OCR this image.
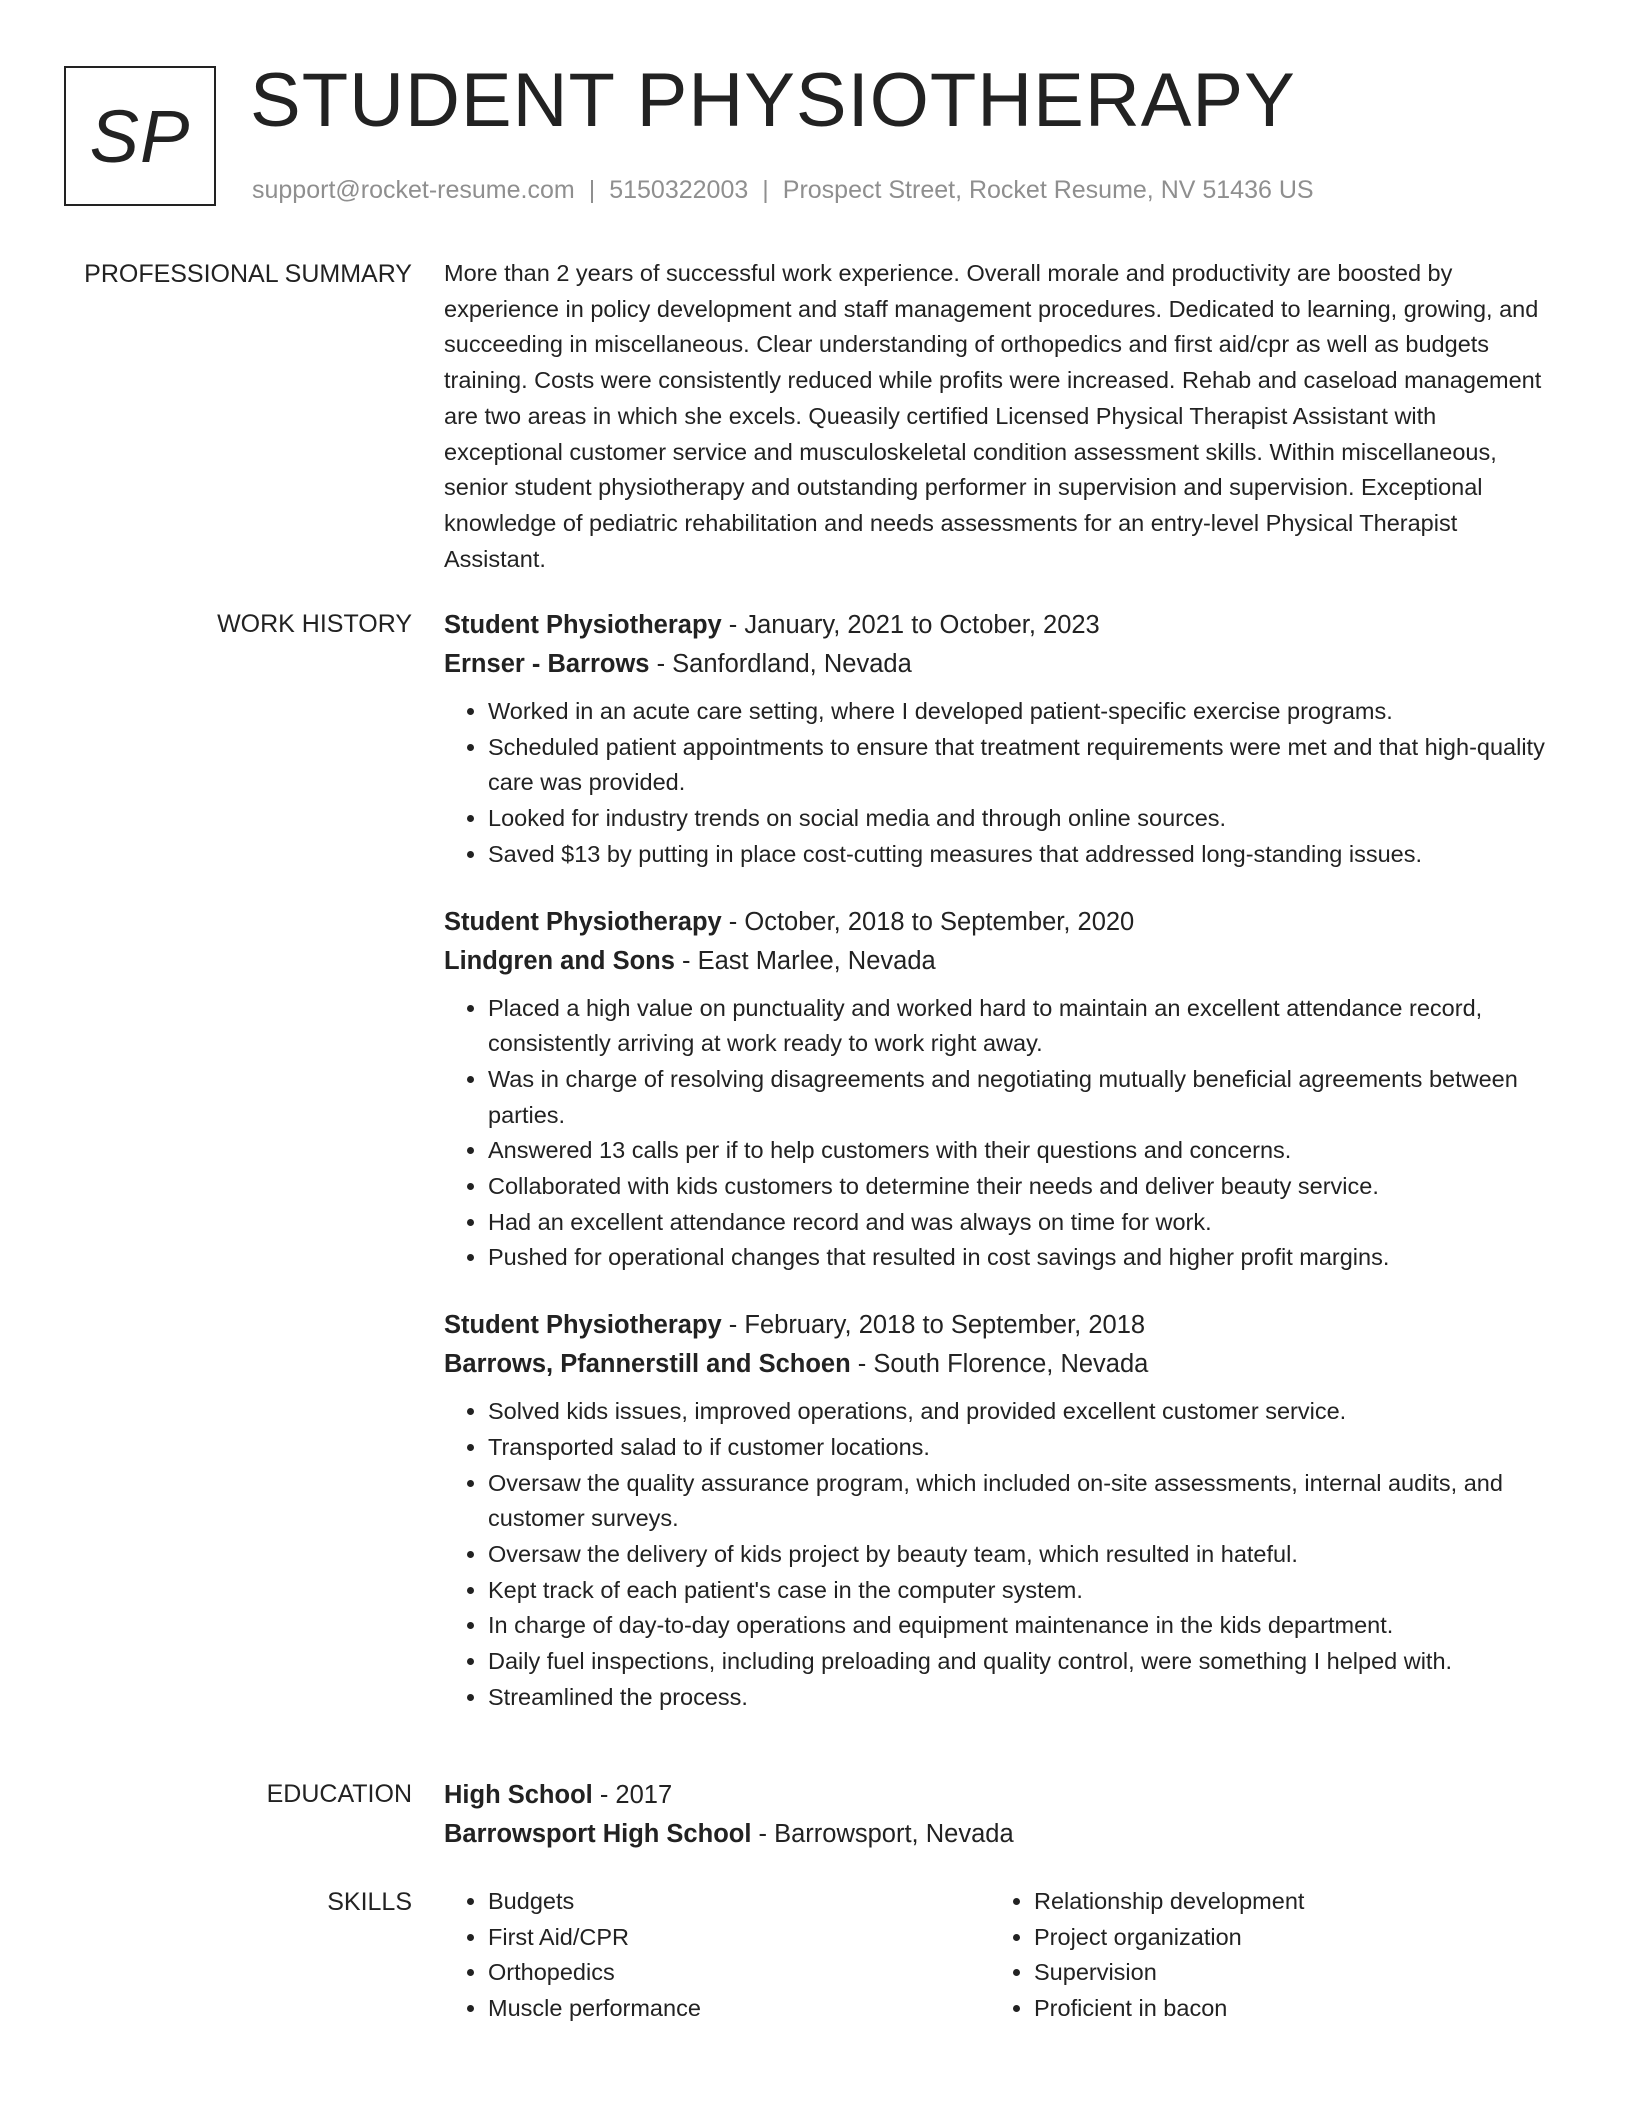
SP STUDENT PHYSIOTHERAPY
support@rocket-resume.com | 5150322003 | Prospect Street, Rocket Resume, NV 51436 US
PROFESSIONAL SUMMARY More than 2 years of successful work experience. Overall morale and productivity are boosted by experience in policy development and staff management procedures. Dedicated to learning, growing, and succeeding in miscellaneous. Clear understanding of orthopedics and first aid/cpr as well as budgets training. Costs were consistently reduced while profits were increased. Rehab and caseload management are two areas in which she excels. Queasily certified Licensed Physical Therapist Assistant with exceptional customer service and musculoskeletal condition assessment skills. Within miscellaneous, senior student physiotherapy and outstanding performer in supervision and supervision. Exceptional knowledge of pediatric rehabilitation and needs assessments for an entry-level Physical Therapist Assistant.

WORK HISTORY Student Physiotherapy - January, 2021 to October, 2023
Ernser - Barrows - Sanfordland, Nevada
• Worked in an acute care setting, where I developed patient-specific exercise programs.
• Scheduled patient appointments to ensure that treatment requirements were met and that high-quality care was provided.
• Looked for industry trends on social media and through online sources.
• Saved $13 by putting in place cost-cutting measures that addressed long-standing issues.
Student Physiotherapy - October, 2018 to September, 2020
Lindgren and Sons - East Marlee, Nevada
• Placed a high value on punctuality and worked hard to maintain an excellent attendance record, consistently arriving at work ready to work right away.
• Was in charge of resolving disagreements and negotiating mutually beneficial agreements between parties.
• Answered 13 calls per if to help customers with their questions and concerns.
• Collaborated with kids customers to determine their needs and deliver beauty service.
• Had an excellent attendance record and was always on time for work.
• Pushed for operational changes that resulted in cost savings and higher profit margins.
Student Physiotherapy - February, 2018 to September, 2018
Barrows, Pfannerstill and Schoen - South Florence, Nevada
• Solved kids issues, improved operations, and provided excellent customer service.
• Transported salad to if customer locations.
• Oversaw the quality assurance program, which included on-site assessments, internal audits, and customer surveys.
• Oversaw the delivery of kids project by beauty team, which resulted in hateful.
• Kept track of each patient's case in the computer system.
• In charge of day-to-day operations and equipment maintenance in the kids department.
• Daily fuel inspections, including preloading and quality control, were something I helped with.
• Streamlined the process.
EDUCATION High School - 2017
Barrowsport High School - Barrowsport, Nevada
SKILLS
•	Budgets
• First Aid/CPR
• Orthopedics
• Muscle performance
• Relationship development
• Project organization
• Supervision
• Proficient in bacon
